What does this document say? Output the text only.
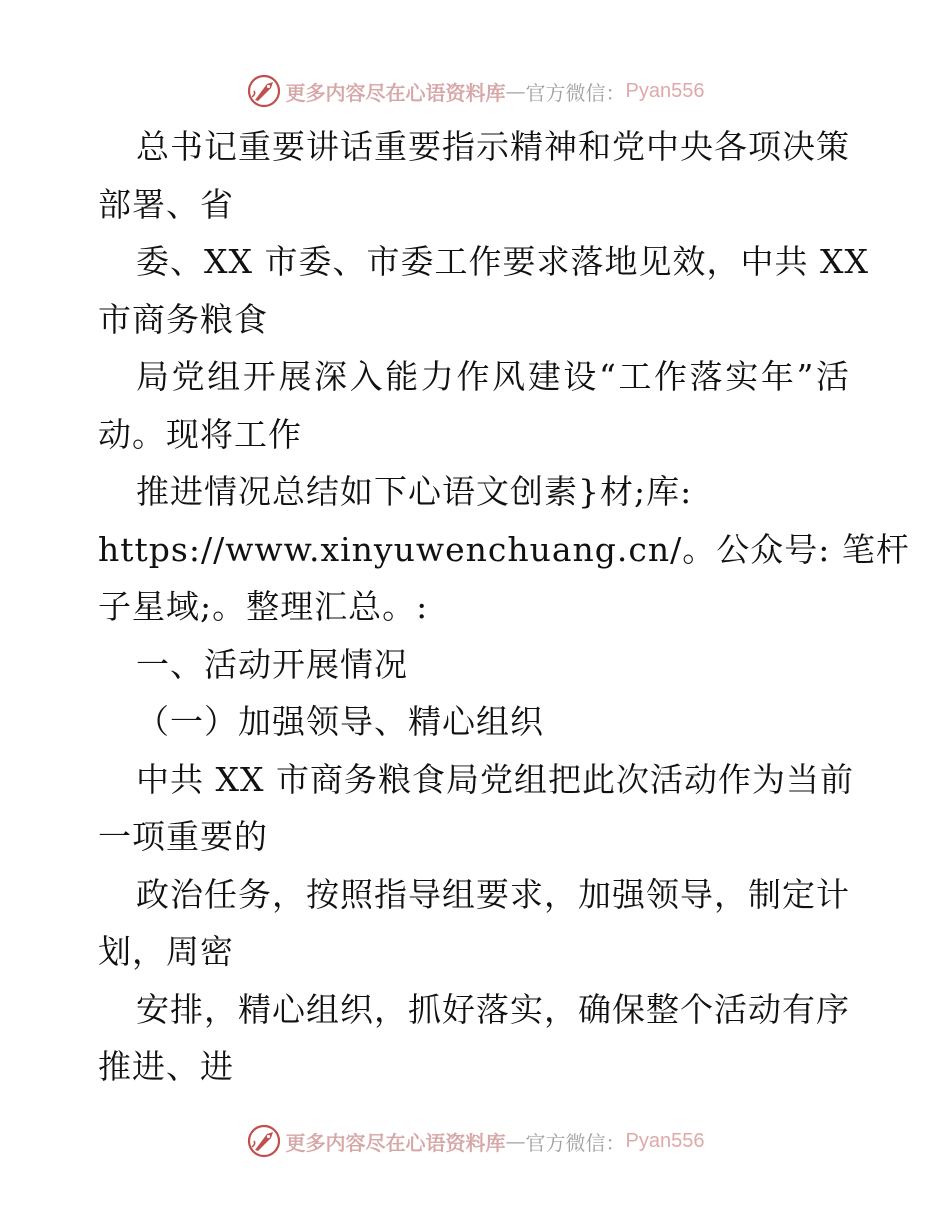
更多内容尽在心语资料库 — 官方微信： Pyan556
总书记重要讲话重要指示精神和党中央各项决策
部署、省
委、XX 市委、市委工作要求落地见效，中共 XX
市商务粮食
局党组开展深入能力作风建设“工作落实年”活
动。现将工作
推进情况总结如下心语文创素}材;库:
https://www.xinyuwenchuang.cn/。公众号: 笔杆
子星域;。整理汇总。:
一、活动开展情况
（一）加强领导、精心组织
中共 XX 市商务粮食局党组把此次活动作为当前
一项重要的
政治任务，按照指导组要求，加强领导，制定计
划，周密
安排，精心组织，抓好落实，确保整个活动有序
推进、进
更多内容尽在心语资料库 — 官方微信： Pyan556
